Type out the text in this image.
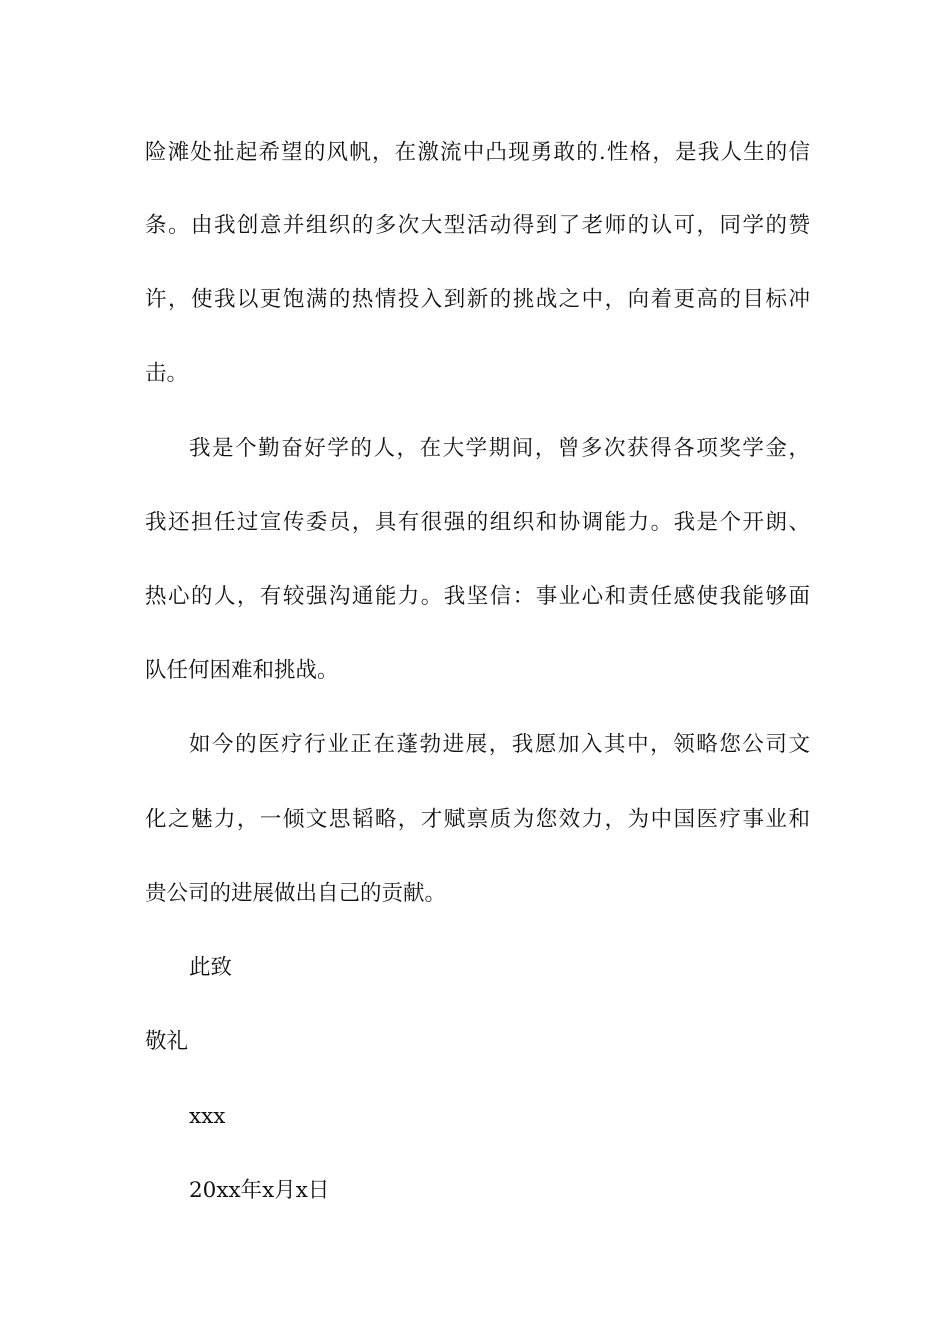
险滩处扯起希望的风帆，在激流中凸现勇敢的.性格，是我人生的信
条。由我创意并组织的多次大型活动得到了老师的认可，同学的赞
许，使我以更饱满的热情投入到新的挑战之中，向着更高的目标冲
击。
我是个勤奋好学的人，在大学期间，曾多次获得各项奖学金，
我还担任过宣传委员，具有很强的组织和协调能力。我是个开朗、
热心的人，有较强沟通能力。我坚信：事业心和责任感使我能够面
队任何困难和挑战。
如今的医疗行业正在蓬勃进展，我愿加入其中，领略您公司文
化之魅力，一倾文思韬略，才赋禀质为您效力，为中国医疗事业和
贵公司的进展做出自己的贡献。
此致
敬礼
xxx
20xx年x月x日
